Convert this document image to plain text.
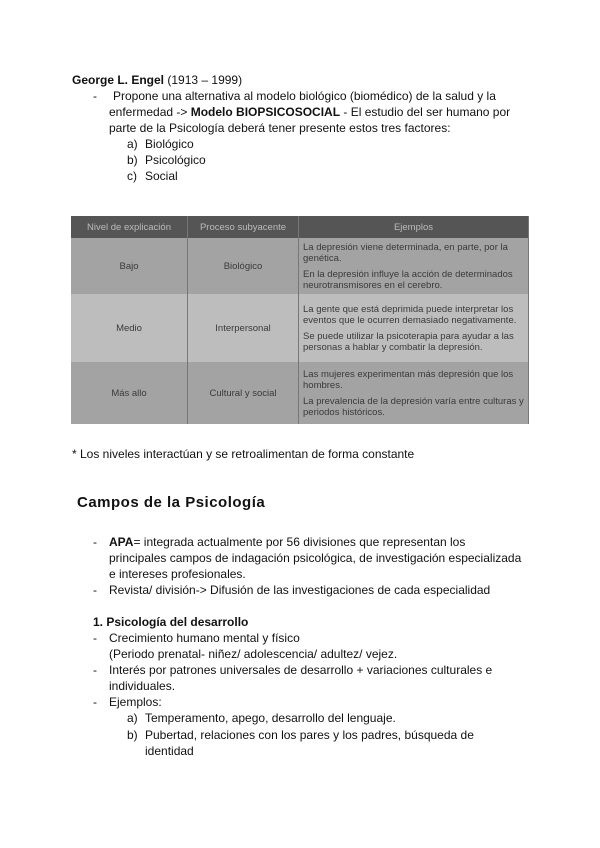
George L. Engel (1913 – 1999)
- Propone una alternativa al modelo biológico (biomédico) de la salud y la
enfermedad -> Modelo BIOPSICOSOCIAL - El estudio del ser humano por
parte de la Psicología deberá tener presente estos tres factores:
a) Biológico
b) Psicológico
c) Social
Nivel de explicación	Proceso subyacente	Ejemplos
Bajo	Biológico	La depresión viene determinada, en parte, por la genética.

En la depresión influye la acción de determinados neurotransmisores en el cerebro.

Medio	Interpersonal	La gente que está deprimida puede interpretar los eventos que le ocurren demasiado negativamente.

Se puede utilizar la psicoterapia para ayudar a las personas a hablar y combatir la depresión.

Más allo	Cultural y social	Las mujeres experimentan más depresión que los hombres.

La prevalencia de la depresión varía entre culturas y periodos históricos.

* Los niveles interactúan y se retroalimentan de forma constante
Campos de la Psicología
- APA= integrada actualmente por 56 divisiones que representan los
principales campos de indagación psicológica, de investigación especializada
e intereses profesionales.
- Revista/ división-> Difusión de las investigaciones de cada especialidad
1. Psicología del desarrollo
- Crecimiento humano mental y físico
(Periodo prenatal- niñez/ adolescencia/ adultez/ vejez.
- Interés por patrones universales de desarrollo + variaciones culturales e
individuales.
- Ejemplos:
a) Temperamento, apego, desarrollo del lenguaje.
b) Pubertad, relaciones con los pares y los padres, búsqueda de
identidad
